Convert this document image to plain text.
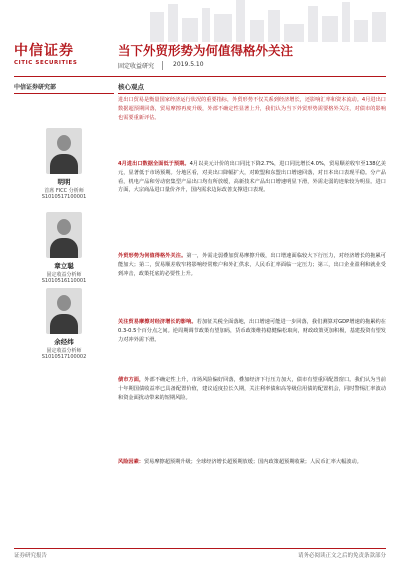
中信证券
CITIC SECURITIES
当下外贸形势为何值得格外关注
固定收益研究	2019.5.10
中信证券研究部
明明
首席 FICC 分析师
S1010517100001
章立聪
固定收益分析师
S1010516110001
余经纬
固定收益分析师
S1010517100002
核心观点
进出口贸易是衡量国家经济运行状况的重要指标，外贸形势不仅关系到经济增长，还影响汇率和资本流动。4月进出口数据超预期回落，贸易摩擦再度升级，外部不确定性显著上升，我们认为当下外贸形势需要格外关注，对债市的影响也需要重新评估。
4月进出口数据全面低于预期。4月以美元计价的出口同比下降2.7%，进口同比增长4.0%，贸易顺差收窄至138亿美元，显著低于市场预期。分地区看，对美出口降幅扩大，对欧盟和东盟出口增速回落，对日本出口表现平稳。分产品看，机电产品和劳动密集型产品出口均有所放缓，高新技术产品出口增速明显下滑，外需走弱的迹象较为明显。进口方面，大宗商品进口量价齐升，国内需求边际改善支撑进口表现。
外贸形势为何值得格外关注。第一，外需走弱叠加贸易摩擦升级，出口增速面临较大下行压力，对经济增长的拖累可能加大；第二，贸易顺差收窄将影响经常账户和外汇供求，人民币汇率面临一定压力；第三，出口企业盈利和就业受到冲击，政策托底的必要性上升。
关注贸易摩擦对经济增长的影响。若加征关税全面落地，出口增速可能进一步回落，我们测算对GDP增速的拖累约在0.3-0.5个百分点之间。逆周期调节政策有望加码，货币政策维持稳健偏松取向，财政政策更加积极，基建投资有望发力对冲外需下滑。
债市方面，外部不确定性上升，市场风险偏好回落，叠加经济下行压力加大，债市有望重回配置窗口。我们认为当前十年期国债收益率已具备配置价值，建议适度拉长久期，关注利率债和高等级信用债的配置机会，同时警惕汇率波动和资金面扰动带来的短期风险。
风险因素：贸易摩擦超预期升级；全球经济增长超预期放缓；国内政策超预期收紧；人民币汇率大幅波动。
证券研究报告	请务必阅读正文之后的免责条款部分
